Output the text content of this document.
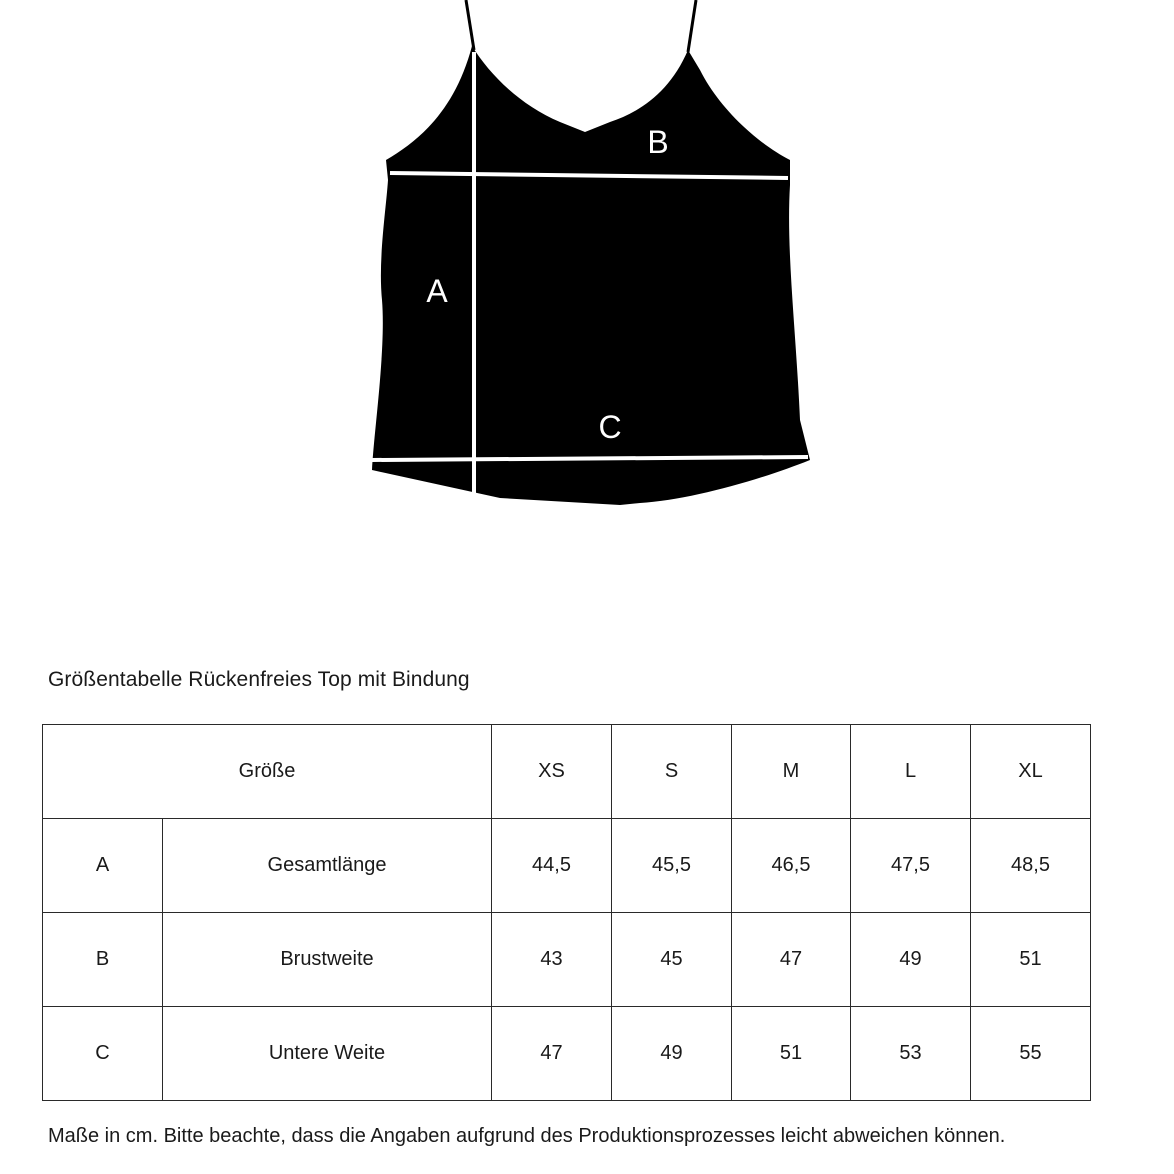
A
B
C
Größentabelle Rückenfreies Top mit Bindung
Größe		XS	S	M	L	XL
A	Gesamtlänge	44,5	45,5	46,5	47,5	48,5
B	Brustweite	43	45	47	49	51
C	Untere Weite	47	49	51	53	55
Maße in cm. Bitte beachte, dass die Angaben aufgrund des Produktionsprozesses leicht abweichen können.
